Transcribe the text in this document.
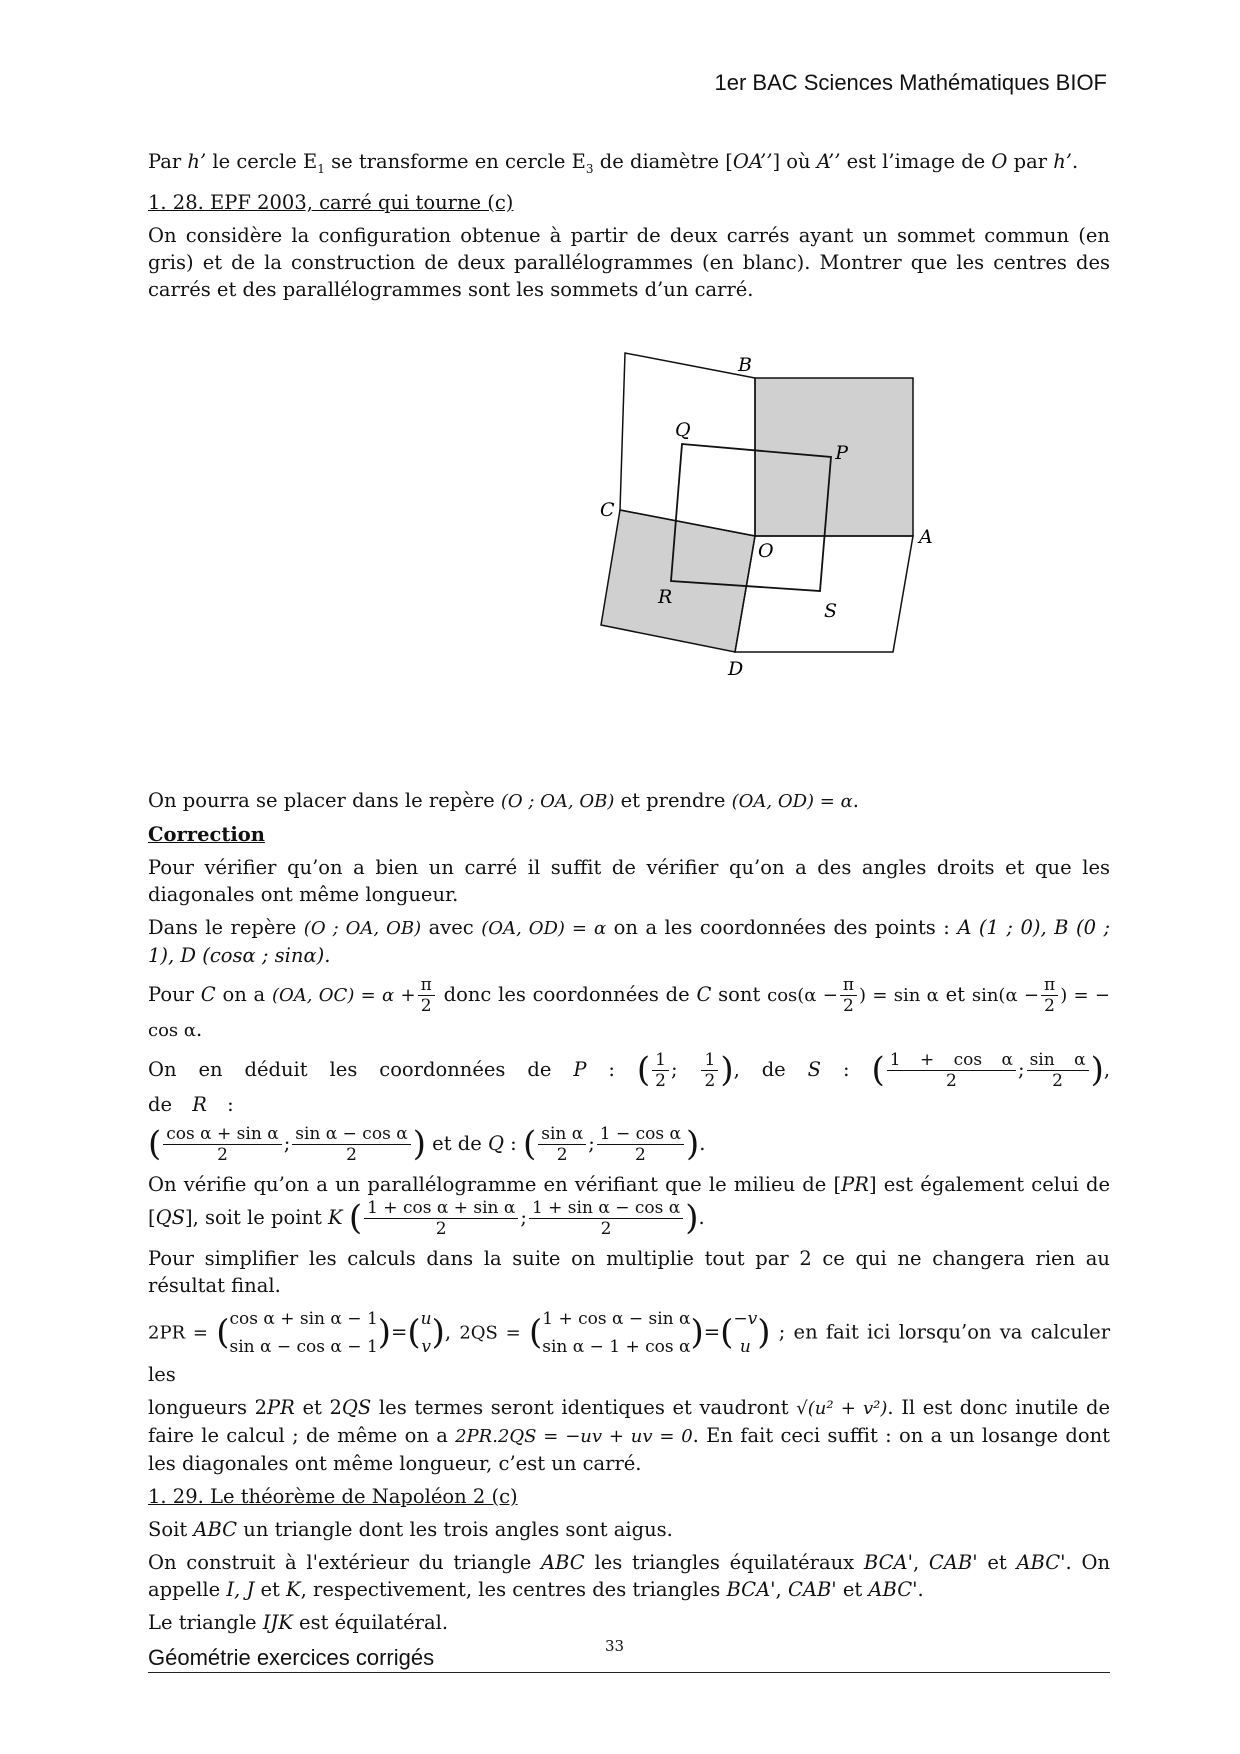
1er BAC Sciences Mathématiques BIOF

Par h’ le cercle $E_1$ se transforme en cercle $E_3$ de diamètre [OA’’] où A’’ est l’image de O par h’.

1. 28. EPF 2003, carré qui tourne (c)

On considère la configuration obtenue à partir de deux carrés ayant un sommet commun (en gris) et de la construction de deux parallélogrammes (en blanc). Montrer que les centres des carrés et des parallélogrammes sont les sommets d’un carré.

B
Q
P
C
A
O
R
S
D

On pourra se placer dans le repère (O ; OA, OB) et prendre (OA, OD) = α.

Correction

Pour vérifier qu’on a bien un carré il suffit de vérifier qu’on a des angles droits et que les diagonales ont même longueur.

Dans le repère (O ; OA, OB) avec (OA, OD) = α on a les coordonnées des points : A (1 ; 0), B (0 ; 1), D (cosα ; sinα).

Pour C on a (OA, $OC) = \alpha + \frac{\pi}{2}$ donc les coordonnées de C sont $\cos(\alpha - \frac{\pi}{2}$ ) = sin α et $\sin(\alpha - \frac{\pi}{2}$ ) = − cos α.

On en déduit les coordonnées de P : ( $\frac{1}{2}$ ; $\frac{1}{2}$ ), de S : ( $\frac{\text{1 + cos α}}{2}$ ; $\frac{\text{sin α}}{2}$ ), de R :

( $\frac{\text{cos α + sin α}}{2}$ ; $\frac{\text{sin α − cos α}}{2}$ ) et de Q : ( $\frac{\text{sin α}}{2}$ ; $\frac{\text{1 − cos α}}{2}$ ).

On vérifie qu’on a un parallélogramme en vérifiant que le milieu de [PR] est également celui de [QS], soit le point K ( $\frac{\text{1 + cos α + sin α}}{2}$ ; $\frac{\text{1 + sin α − cos α}}{2}$ ).

Pour simplifier les calculs dans la suite on multiplie tout par 2 ce qui ne changera rien au résultat final.

2PR = ( cos α + sin α − 1
sin α − cos α − 1 )=( u
v ), 2QS = ( 1 + cos α − sin α
sin α − 1 + cos α )=( −v
u ) ; en fait ici lorsqu’on va calculer les

longueurs 2PR et 2QS les termes seront identiques et vaudront √(u² + v²). Il est donc inutile de faire le calcul ; de même on a 2PR.2QS = −uv + uv = 0. En fait ceci suffit : on a un losange dont les diagonales ont même longueur, c’est un carré.

1. 29. Le théorème de Napoléon 2 (c)

Soit ABC un triangle dont les trois angles sont aigus.

On construit à l'extérieur du triangle ABC les triangles équilatéraux BCA', CAB' et ABC'. On appelle I, J et K, respectivement, les centres des triangles BCA', CAB' et ABC'.

Le triangle IJK est équilatéral.

33
Géométrie exercices corrigés
